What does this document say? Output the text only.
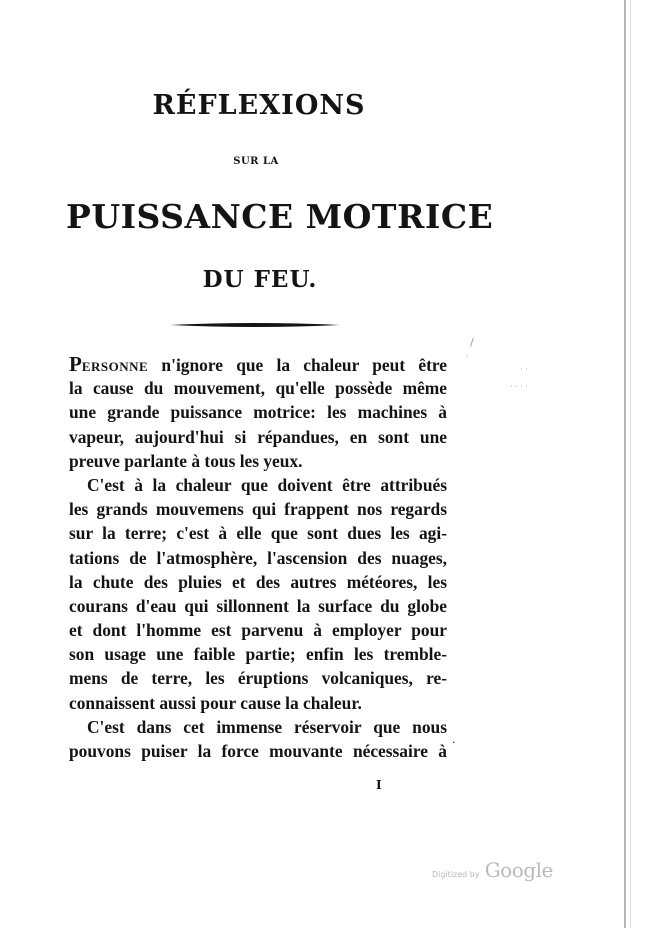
RÉFLEXIONS
SUR LA
PUISSANCE MOTRICE
DU FEU.
PERSONNE n'ignore que la chaleur peut être
la cause du mouvement, qu'elle possède même
une grande puissance motrice: les machines à
vapeur, aujourd'hui si répandues, en sont une
preuve parlante à tous les yeux.
C'est à la chaleur que doivent être attribués
les grands mouvemens qui frappent nos regards
sur la terre; c'est à elle que sont dues les agi-
tations de l'atmosphère, l'ascension des nuages,
la chute des pluies et des autres météores, les
courans d'eau qui sillonnent la surface du globe
et dont l'homme est parvenu à employer pour
son usage une faible partie; enfin les tremble-
mens de terre, les éruptions volcaniques, re-
connaissent aussi pour cause la chaleur.
C'est dans cet immense réservoir que nous
pouvons puiser la force mouvante nécessaire à
I
/
·
· ·
· · · ·
·
Digitized by Google
